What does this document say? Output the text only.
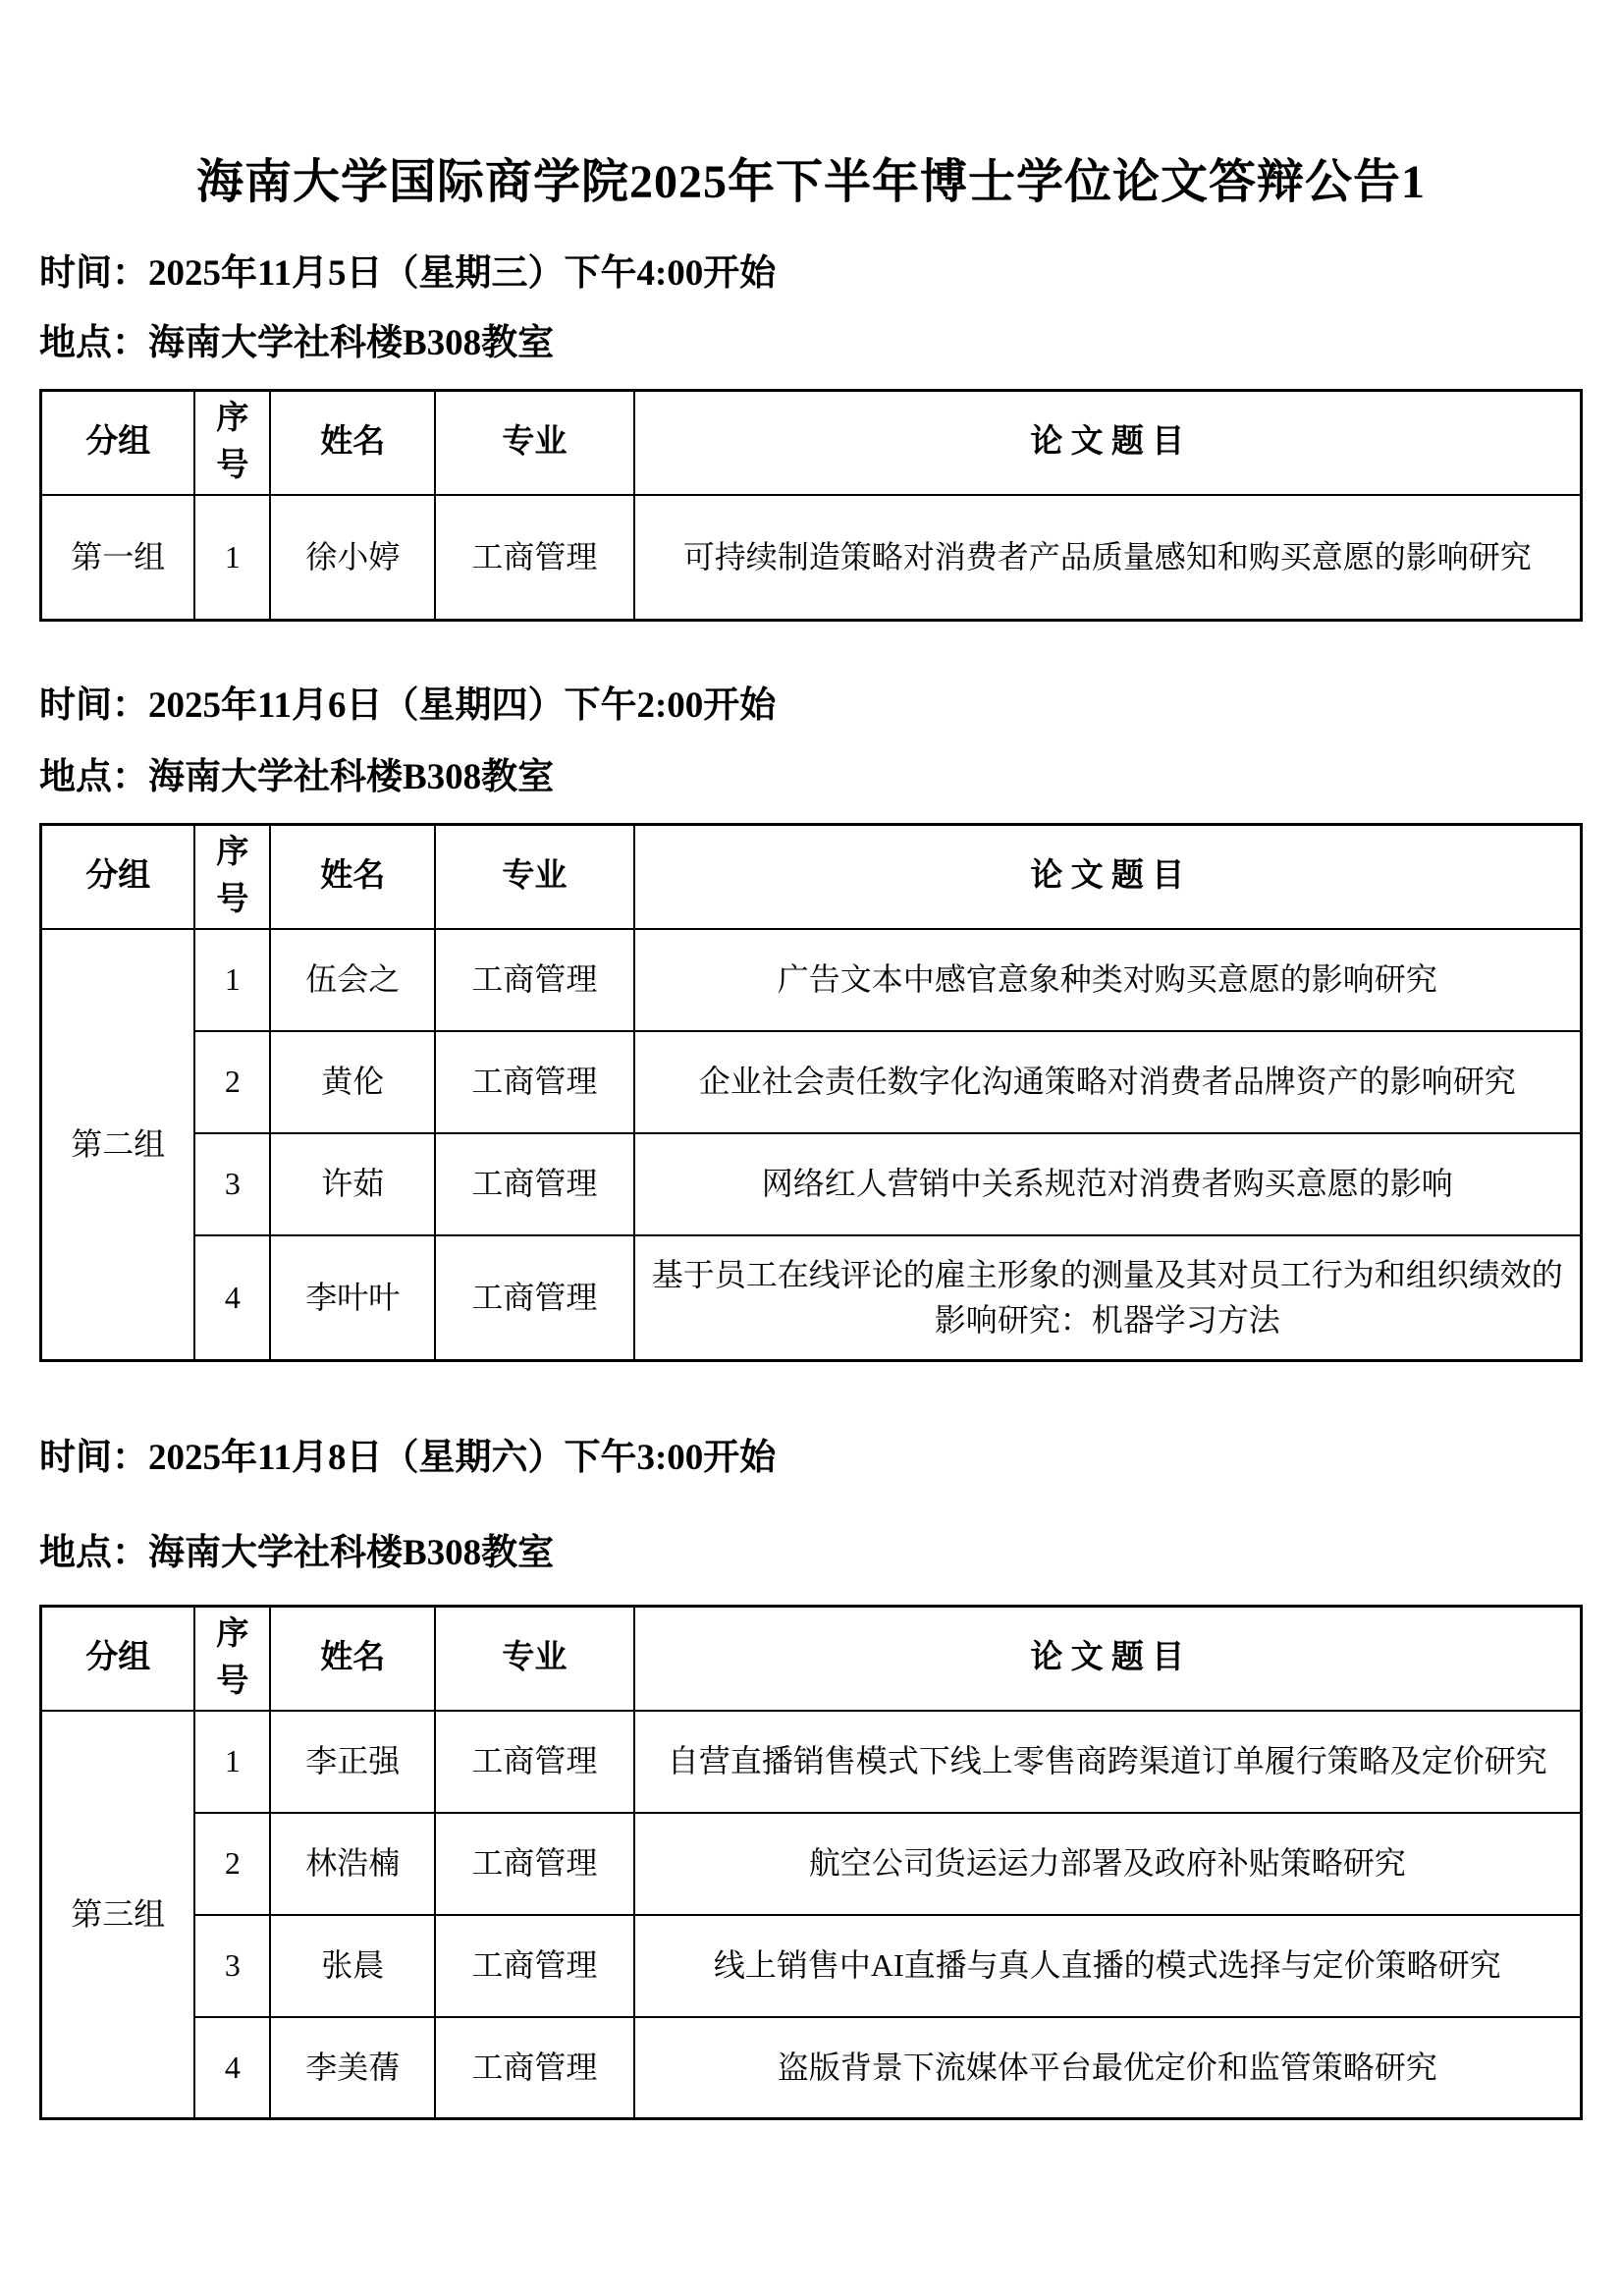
海南大学国际商学院2025年下半年博士学位论文答辩公告1
时间：2025年11月5日（星期三）下午4:00开始
地点：海南大学社科楼B308教室
分组	序号	姓名	专业	论 文 题 目
第一组	1	徐小婷	工商管理	可持续制造策略对消费者产品质量感知和购买意愿的影响研究
时间：2025年11月6日（星期四）下午2:00开始
地点：海南大学社科楼B308教室
分组	序号	姓名	专业	论 文 题 目
第二组	1	伍会之	工商管理	广告文本中感官意象种类对购买意愿的影响研究
	2	黄伦	工商管理	企业社会责任数字化沟通策略对消费者品牌资产的影响研究
	3	许茹	工商管理	网络红人营销中关系规范对消费者购买意愿的影响
	4	李叶叶	工商管理	基于员工在线评论的雇主形象的测量及其对员工行为和组织绩效的影响研究：机器学习方法
时间：2025年11月8日（星期六）下午3:00开始
地点：海南大学社科楼B308教室
分组	序号	姓名	专业	论 文 题 目
第三组	1	李正强	工商管理	自营直播销售模式下线上零售商跨渠道订单履行策略及定价研究
	2	林浩楠	工商管理	航空公司货运运力部署及政府补贴策略研究
	3	张晨	工商管理	线上销售中AI直播与真人直播的模式选择与定价策略研究
	4	李美蒨	工商管理	盗版背景下流媒体平台最优定价和监管策略研究
